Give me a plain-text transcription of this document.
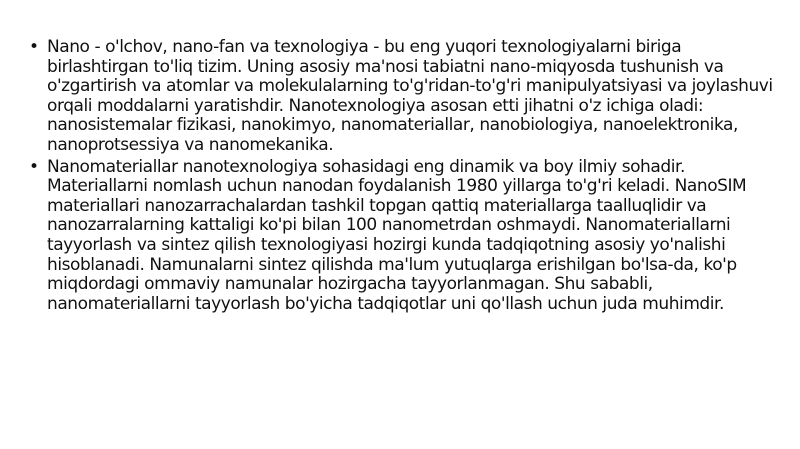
• Nano - o'lchov, nano-fan va texnologiya - bu eng yuqori texnologiyalarni biriga birlashtirgan to'liq tizim. Uning asosiy ma'nosi tabiatni nano-miqyosda tushunish va o'zgartirish va atomlar va molekulalarning to'g'ridan-to'g'ri manipulyatsiyasi va joylashuvi orqali moddalarni yaratishdir. Nanotexnologiya asosan etti jihatni o'z ichiga oladi: nanosistemalar fizikasi, nanokimyo, nanomateriallar, nanobiologiya, nanoelektronika, nanoprotsessiya va nanomekanika.
• Nanomateriallar nanotexnologiya sohasidagi eng dinamik va boy ilmiy sohadir. Materiallarni nomlash uchun nanodan foydalanish 1980 yillarga to'g'ri keladi. NanoSIM materiallari nanozarrachalardan tashkil topgan qattiq materiallarga taalluqlidir va nanozarralarning kattaligi ko'pi bilan 100 nanometrdan oshmaydi. Nanomateriallarni tayyorlash va sintez qilish texnologiyasi hozirgi kunda tadqiqotning asosiy yo'nalishi hisoblanadi. Namunalarni sintez qilishda ma'lum yutuqlarga erishilgan bo'lsa-da, ko'p miqdordagi ommaviy namunalar hozirgacha tayyorlanmagan. Shu sababli, nanomateriallarni tayyorlash bo'yicha tadqiqotlar uni qo'llash uchun juda muhimdir.
